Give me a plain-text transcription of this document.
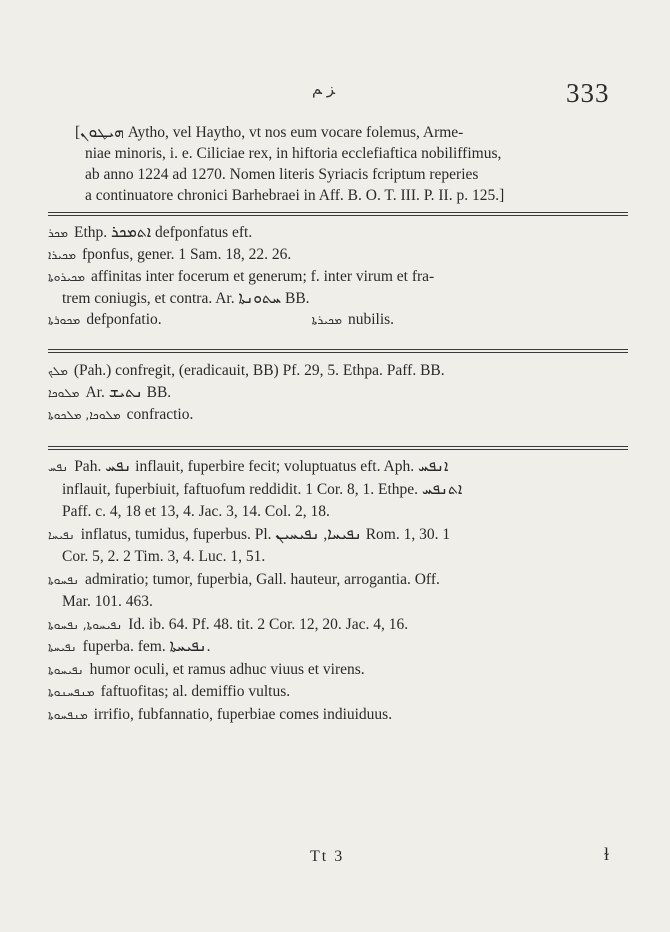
ﺰ ﻢ	333
[ܗܝܛܘܢ Aytho, vel Haytho, vt nos eum vocare folemus, Arme-
niae minoris, i. e. Ciliciae rex, in hiftoria ecclefiaftica nobiliffimus,
ab anno 1224 ad 1270. Nomen literis Syriacis fcriptum reperies
a continuatore chronici Barhebraei in Aff. B. O. T. III. P. II. p. 125.]
ܡܟܪ Ethp. ܐܬܡܟܪ defponfatus eft.
ܡܟܝܪܐ fponfus, gener. 1 Sam. 18, 22. 26.
ܡܟܝܪܘܬܐ affinitas inter focerum et generum; f. inter virum et fra-
trem coniugis, et contra. Ar. ܚܬܘܢܬܐ BB.
ܡܟܘܪܬܐ defponfatio.	ܡܟܝܪܬܐ nubilis.
ܡܠܟ (Pah.) confregit, (eradicauit, BB) Pf. 29, 5. Ethpa. Paff. BB.
ܡܠܘܟܐ Ar. ܢܬܝܫ BB.
ܡܠܘܟܐ, ܡܠܟܘܬܐ confractio.
ܢܦܚ Pah. ܢܦܚ inflauit, fuperbire fecit; voluptuatus eft. Aph. ܐܢܦܚ
inflauit, fuperbiuit, faftuofum reddidit. 1 Cor. 8, 1. Ethpe. ܐܬܢܦܚ
Paff. c. 4, 18 et 13, 4. Jac. 3, 14. Col. 2, 18.
ܢܦܝܚܐ inflatus, tumidus, fuperbus. Pl. ܢܦܝܚܐ, ܢܦܝܚܝܢ Rom. 1, 30. 1
Cor. 5, 2. 2 Tim. 3, 4. Luc. 1, 51.
ܢܦܚܘܬܐ admiratio; tumor, fuperbia, Gall. hauteur, arrogantia. Off.
Mar. 101. 463.
ܢܦܝܚܘܬܐ, ܢܦܚܘܬܐ Id. ib. 64. Pf. 48. tit. 2 Cor. 12, 20. Jac. 4, 16.
ܢܦܝܚܬܐ fuperba. fem. ܢܦܝܚܬܐ.
ܢܦܝܚܘܬܐ humor oculi, et ramus adhuc viuus et virens.
ܡܢܦܚܢܘܬܐ faftuofitas; al. demiffio vultus.
ܡܢܦܚܘܬܐ irrifio, fubfannatio, fuperbiae comes indiuiduus.
Tt 3	ɫ
